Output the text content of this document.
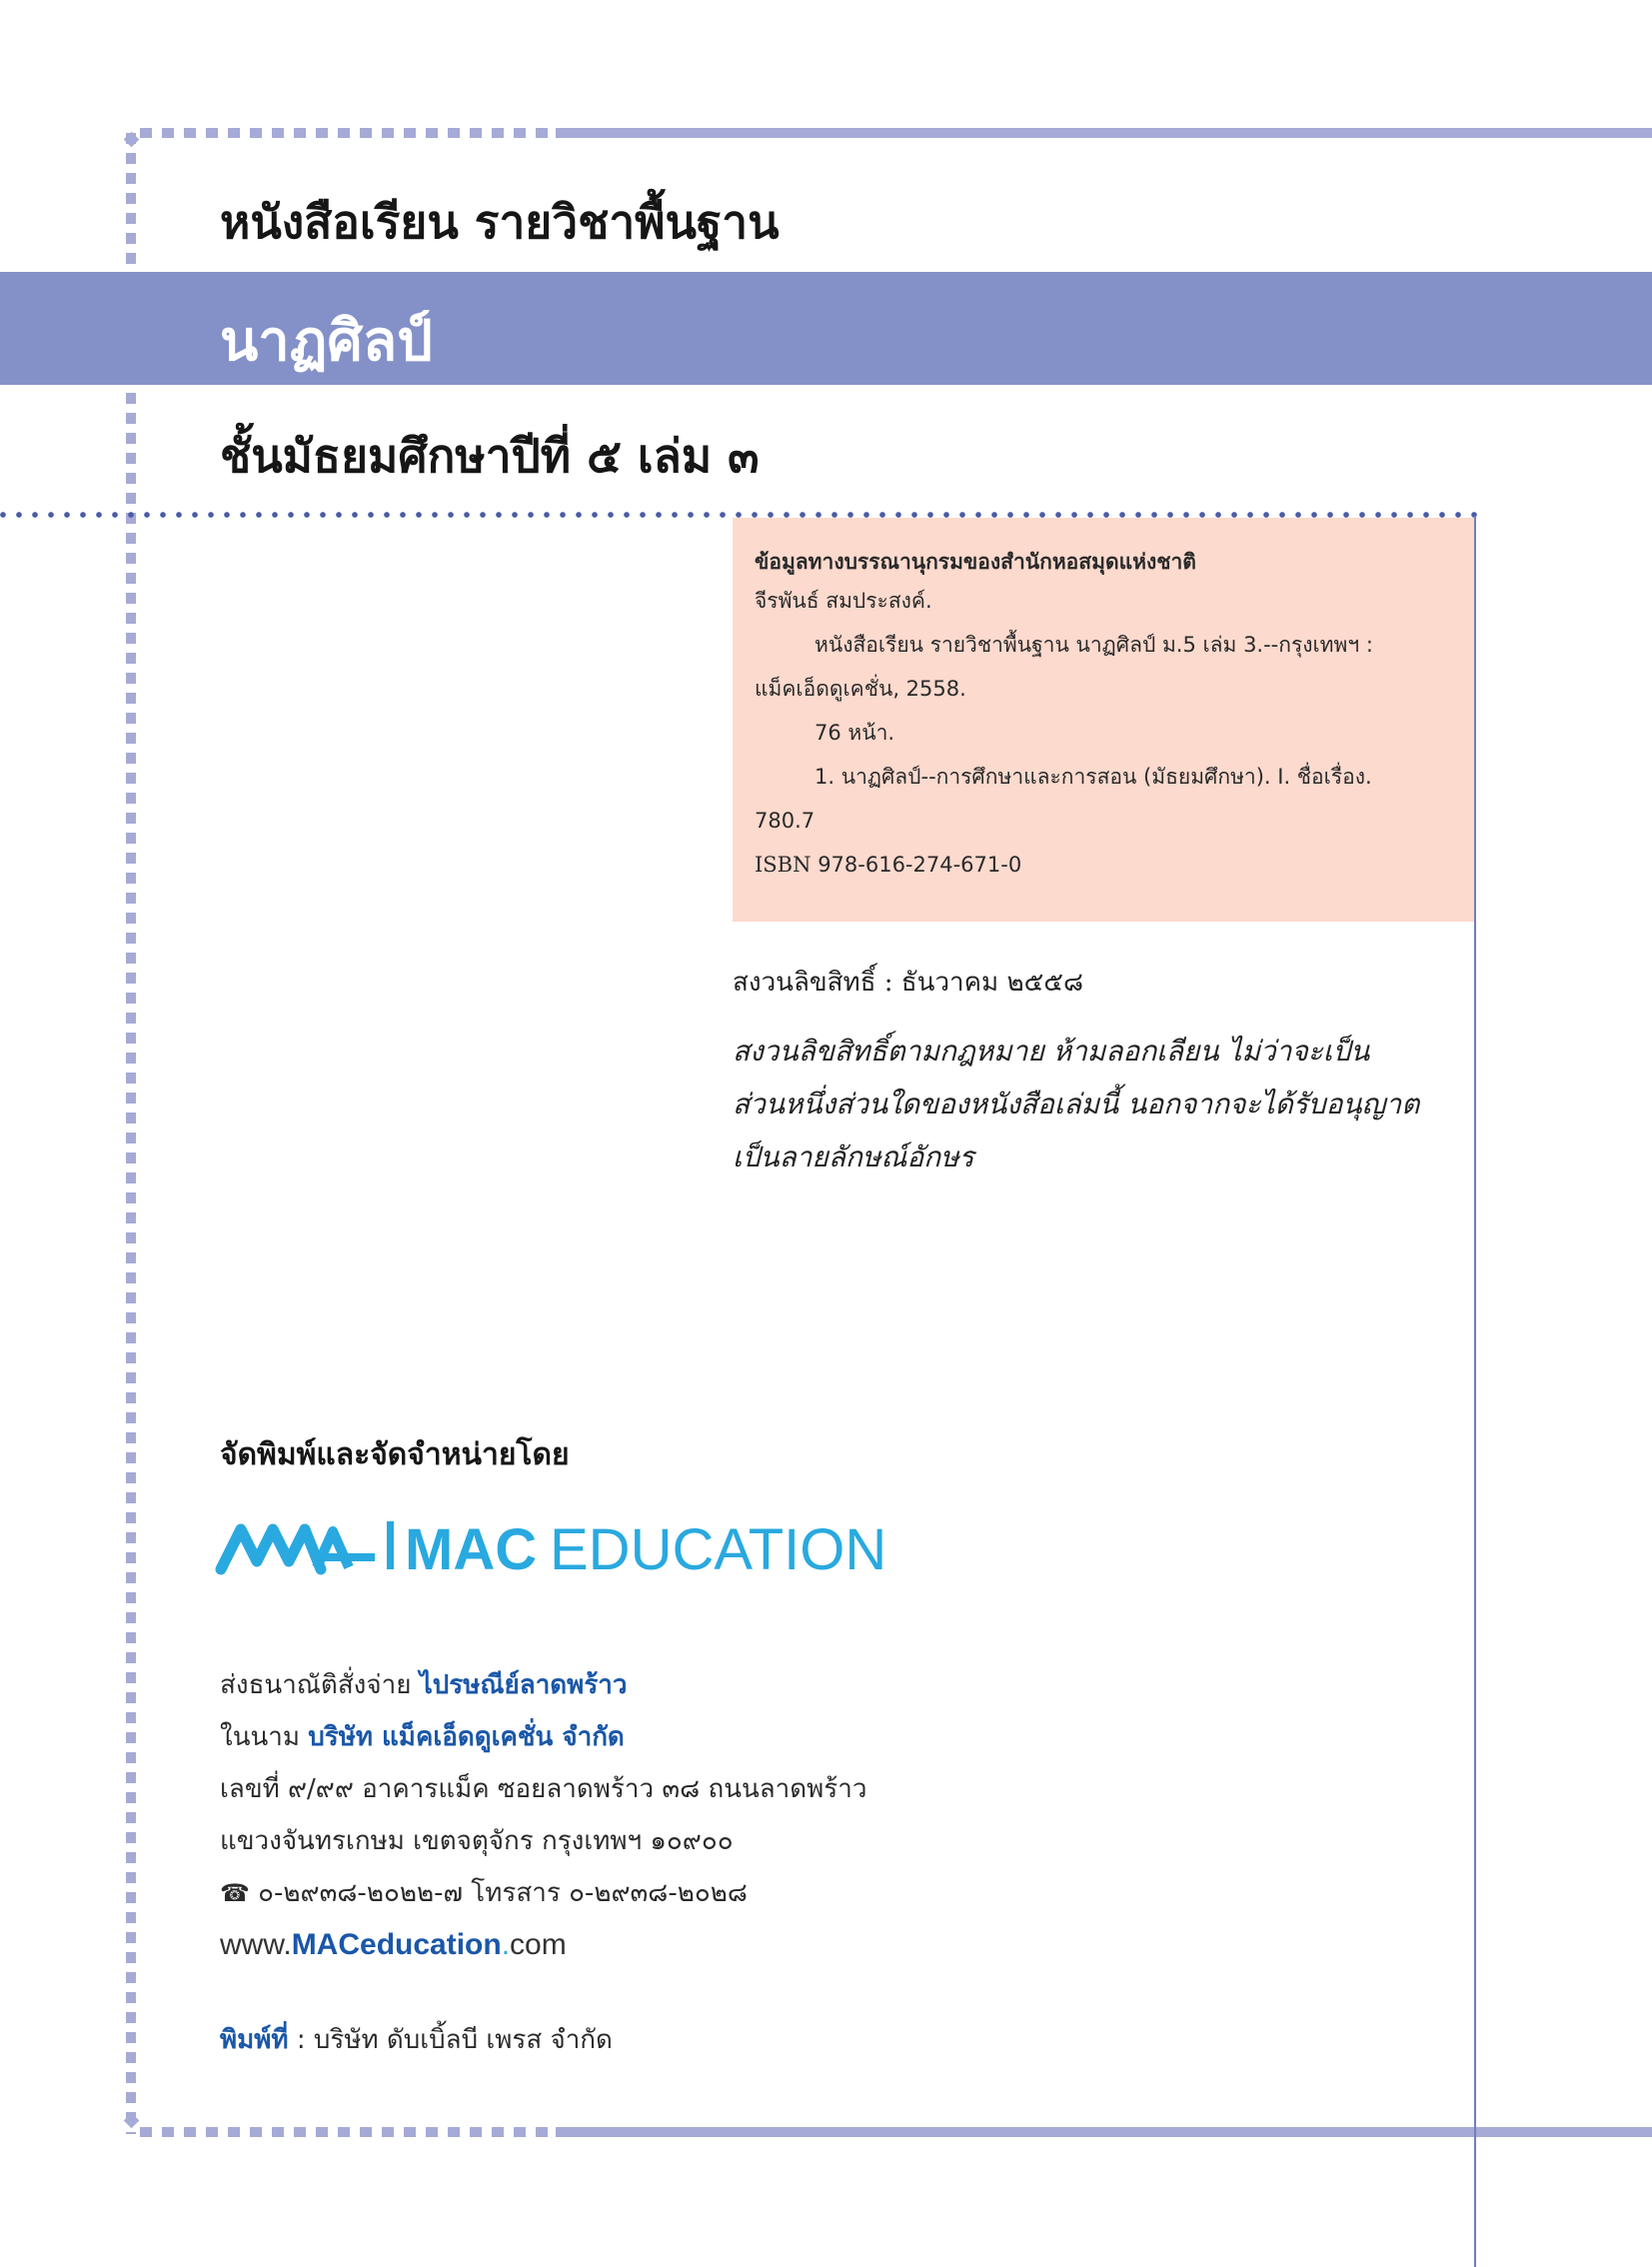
หนังสือเรียน รายวิชาพื้นฐาน
นาฏศิลป์
ชั้นมัธยมศึกษาปีที่ ๕ เล่ม ๓
ข้อมูลทางบรรณานุกรมของสำนักหอสมุดแห่งชาติ
จีรพันธ์ สมประสงค์.
หนังสือเรียน รายวิชาพื้นฐาน นาฏศิลป์ ม.5 เล่ม 3.--กรุงเทพฯ :
แม็คเอ็ดดูเคชั่น, 2558.
76 หน้า.
1. นาฏศิลป์--การศึกษาและการสอน (มัธยมศึกษา). I. ชื่อเรื่อง.
780.7
ISBN 978-616-274-671-0
สงวนลิขสิทธิ์ : ธันวาคม ๒๕๕๘
สงวนลิขสิทธิ์ตามกฎหมาย ห้ามลอกเลียน ไม่ว่าจะเป็น
ส่วนหนึ่งส่วนใดของหนังสือเล่มนี้ นอกจากจะได้รับอนุญาต
เป็นลายลักษณ์อักษร
จัดพิมพ์และจัดจำหน่ายโดย
MAC EDUCATION
ส่งธนาณัติสั่งจ่าย ไปรษณีย์ลาดพร้าว
ในนาม บริษัท แม็คเอ็ดดูเคชั่น จำกัด
เลขที่ ๙/๙๙ อาคารแม็ค ซอยลาดพร้าว ๓๘ ถนนลาดพร้าว
แขวงจันทรเกษม เขตจตุจักร กรุงเทพฯ ๑๐๙๐๐
☎ ๐-๒๙๓๘-๒๐๒๒-๗ โทรสาร ๐-๒๙๓๘-๒๐๒๘
www.MACeducation.com
พิมพ์ที่ : บริษัท ดับเบิ้ลบี เพรส จำกัด
